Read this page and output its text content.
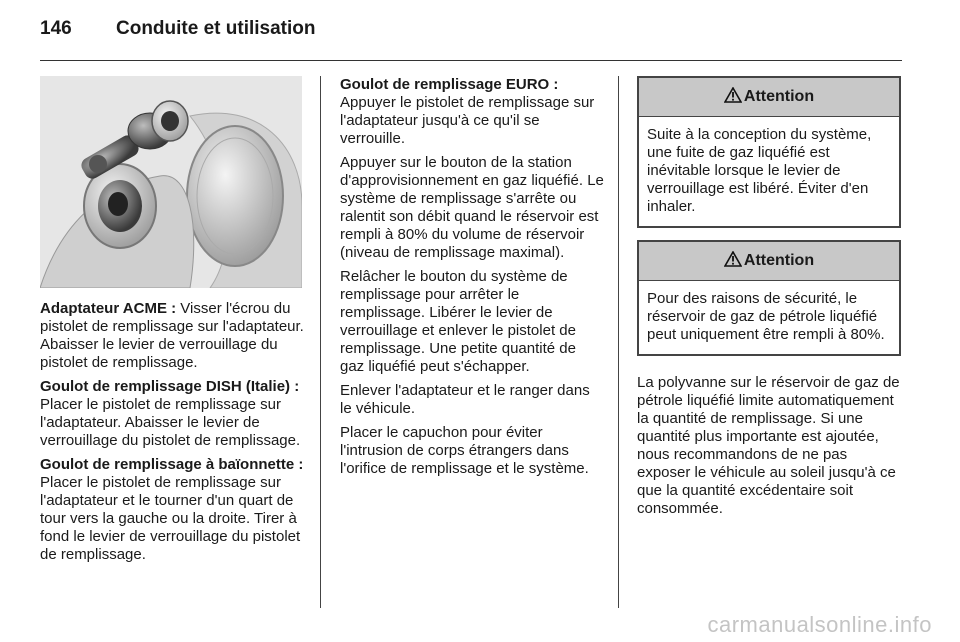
146	Conduite et utilisation

Adaptateur ACME : Visser l'écrou du pistolet de remplissage sur l'adaptateur. Abaisser le levier de verrouillage du pistolet de remplissage.

Goulot de remplissage DISH (Italie) : Placer le pistolet de remplissage sur l'adaptateur. Abaisser le levier de verrouillage du pistolet de remplissage.

Goulot de remplissage à baïonnette : Placer le pistolet de remplissage sur l'adaptateur et le tourner d'un quart de tour vers la gauche ou la droite. Tirer à fond le levier de verrouillage du pistolet de remplissage.

Goulot de remplissage EURO : Appuyer le pistolet de remplissage sur l'adaptateur jusqu'à ce qu'il se verrouille.

Appuyer sur le bouton de la station d'approvisionnement en gaz liquéfié. Le système de remplissage s'arrête ou ralentit son débit quand le réservoir est rempli à 80% du volume de réservoir (niveau de remplissage maximal).

Relâcher le bouton du système de remplissage pour arrêter le remplissage. Libérer le levier de verrouillage et enlever le pistolet de remplissage. Une petite quantité de gaz liquéfié peut s'échapper.

Enlever l'adaptateur et le ranger dans le véhicule.

Placer le capuchon pour éviter l'intrusion de corps étrangers dans l'orifice de remplissage et le système.

Attention
Suite à la conception du système, une fuite de gaz liquéfié est inévitable lorsque le levier de verrouillage est libéré. Éviter d'en inhaler.
Attention
Pour des raisons de sécurité, le réservoir de gaz de pétrole liquéfié peut uniquement être rempli à 80%.

La polyvanne sur le réservoir de gaz de pétrole liquéfié limite automatiquement la quantité de remplissage. Si une quantité plus importante est ajoutée, nous recommandons de ne pas exposer le véhicule au soleil jusqu'à ce que la quantité excédentaire soit consommée.

carmanualsonline.info
